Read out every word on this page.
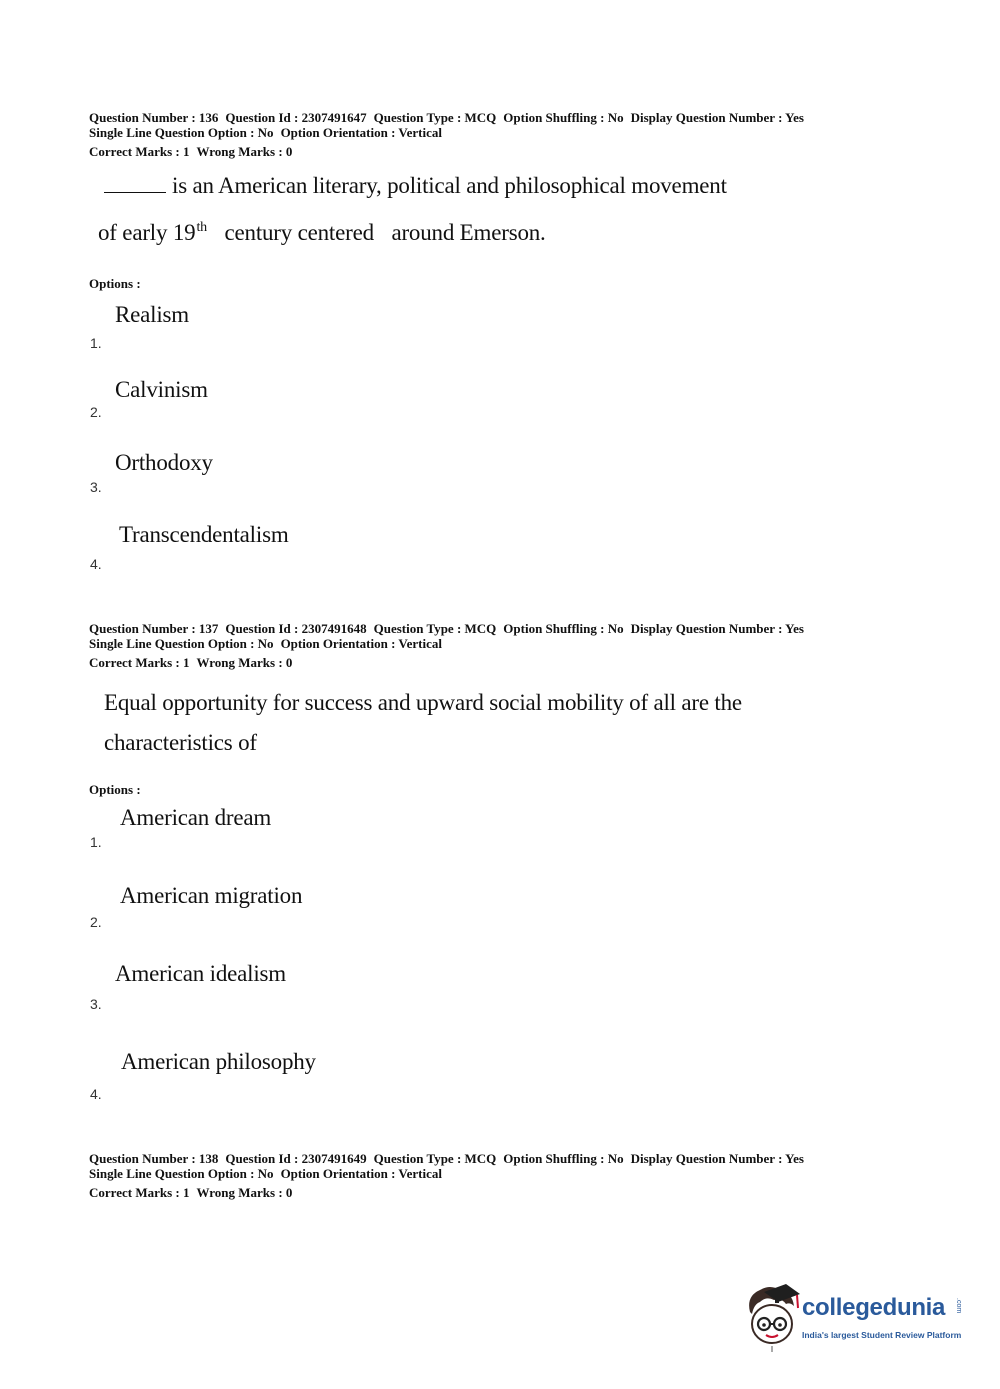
Question Number : 136 Question Id : 2307491647 Question Type : MCQ Option Shuffling : No Display Question Number : Yes
Single Line Question Option : No Option Orientation : Vertical
Correct Marks : 1 Wrong Marks : 0
is an American literary, political and philosophical movement
of early 19th century centered around Emerson.
Options :
Realism
1.
Calvinism
2.
Orthodoxy
3.
Transcendentalism
4.
Question Number : 137 Question Id : 2307491648 Question Type : MCQ Option Shuffling : No Display Question Number : Yes
Single Line Question Option : No Option Orientation : Vertical
Correct Marks : 1 Wrong Marks : 0
Equal opportunity for success and upward social mobility of all are the
characteristics of
Options :
American dream
1.
American migration
2.
American idealism
3.
American philosophy
4.
Question Number : 138 Question Id : 2307491649 Question Type : MCQ Option Shuffling : No Display Question Number : Yes
Single Line Question Option : No Option Orientation : Vertical
Correct Marks : 1 Wrong Marks : 0
collegedunia .com
India's largest Student Review Platform
